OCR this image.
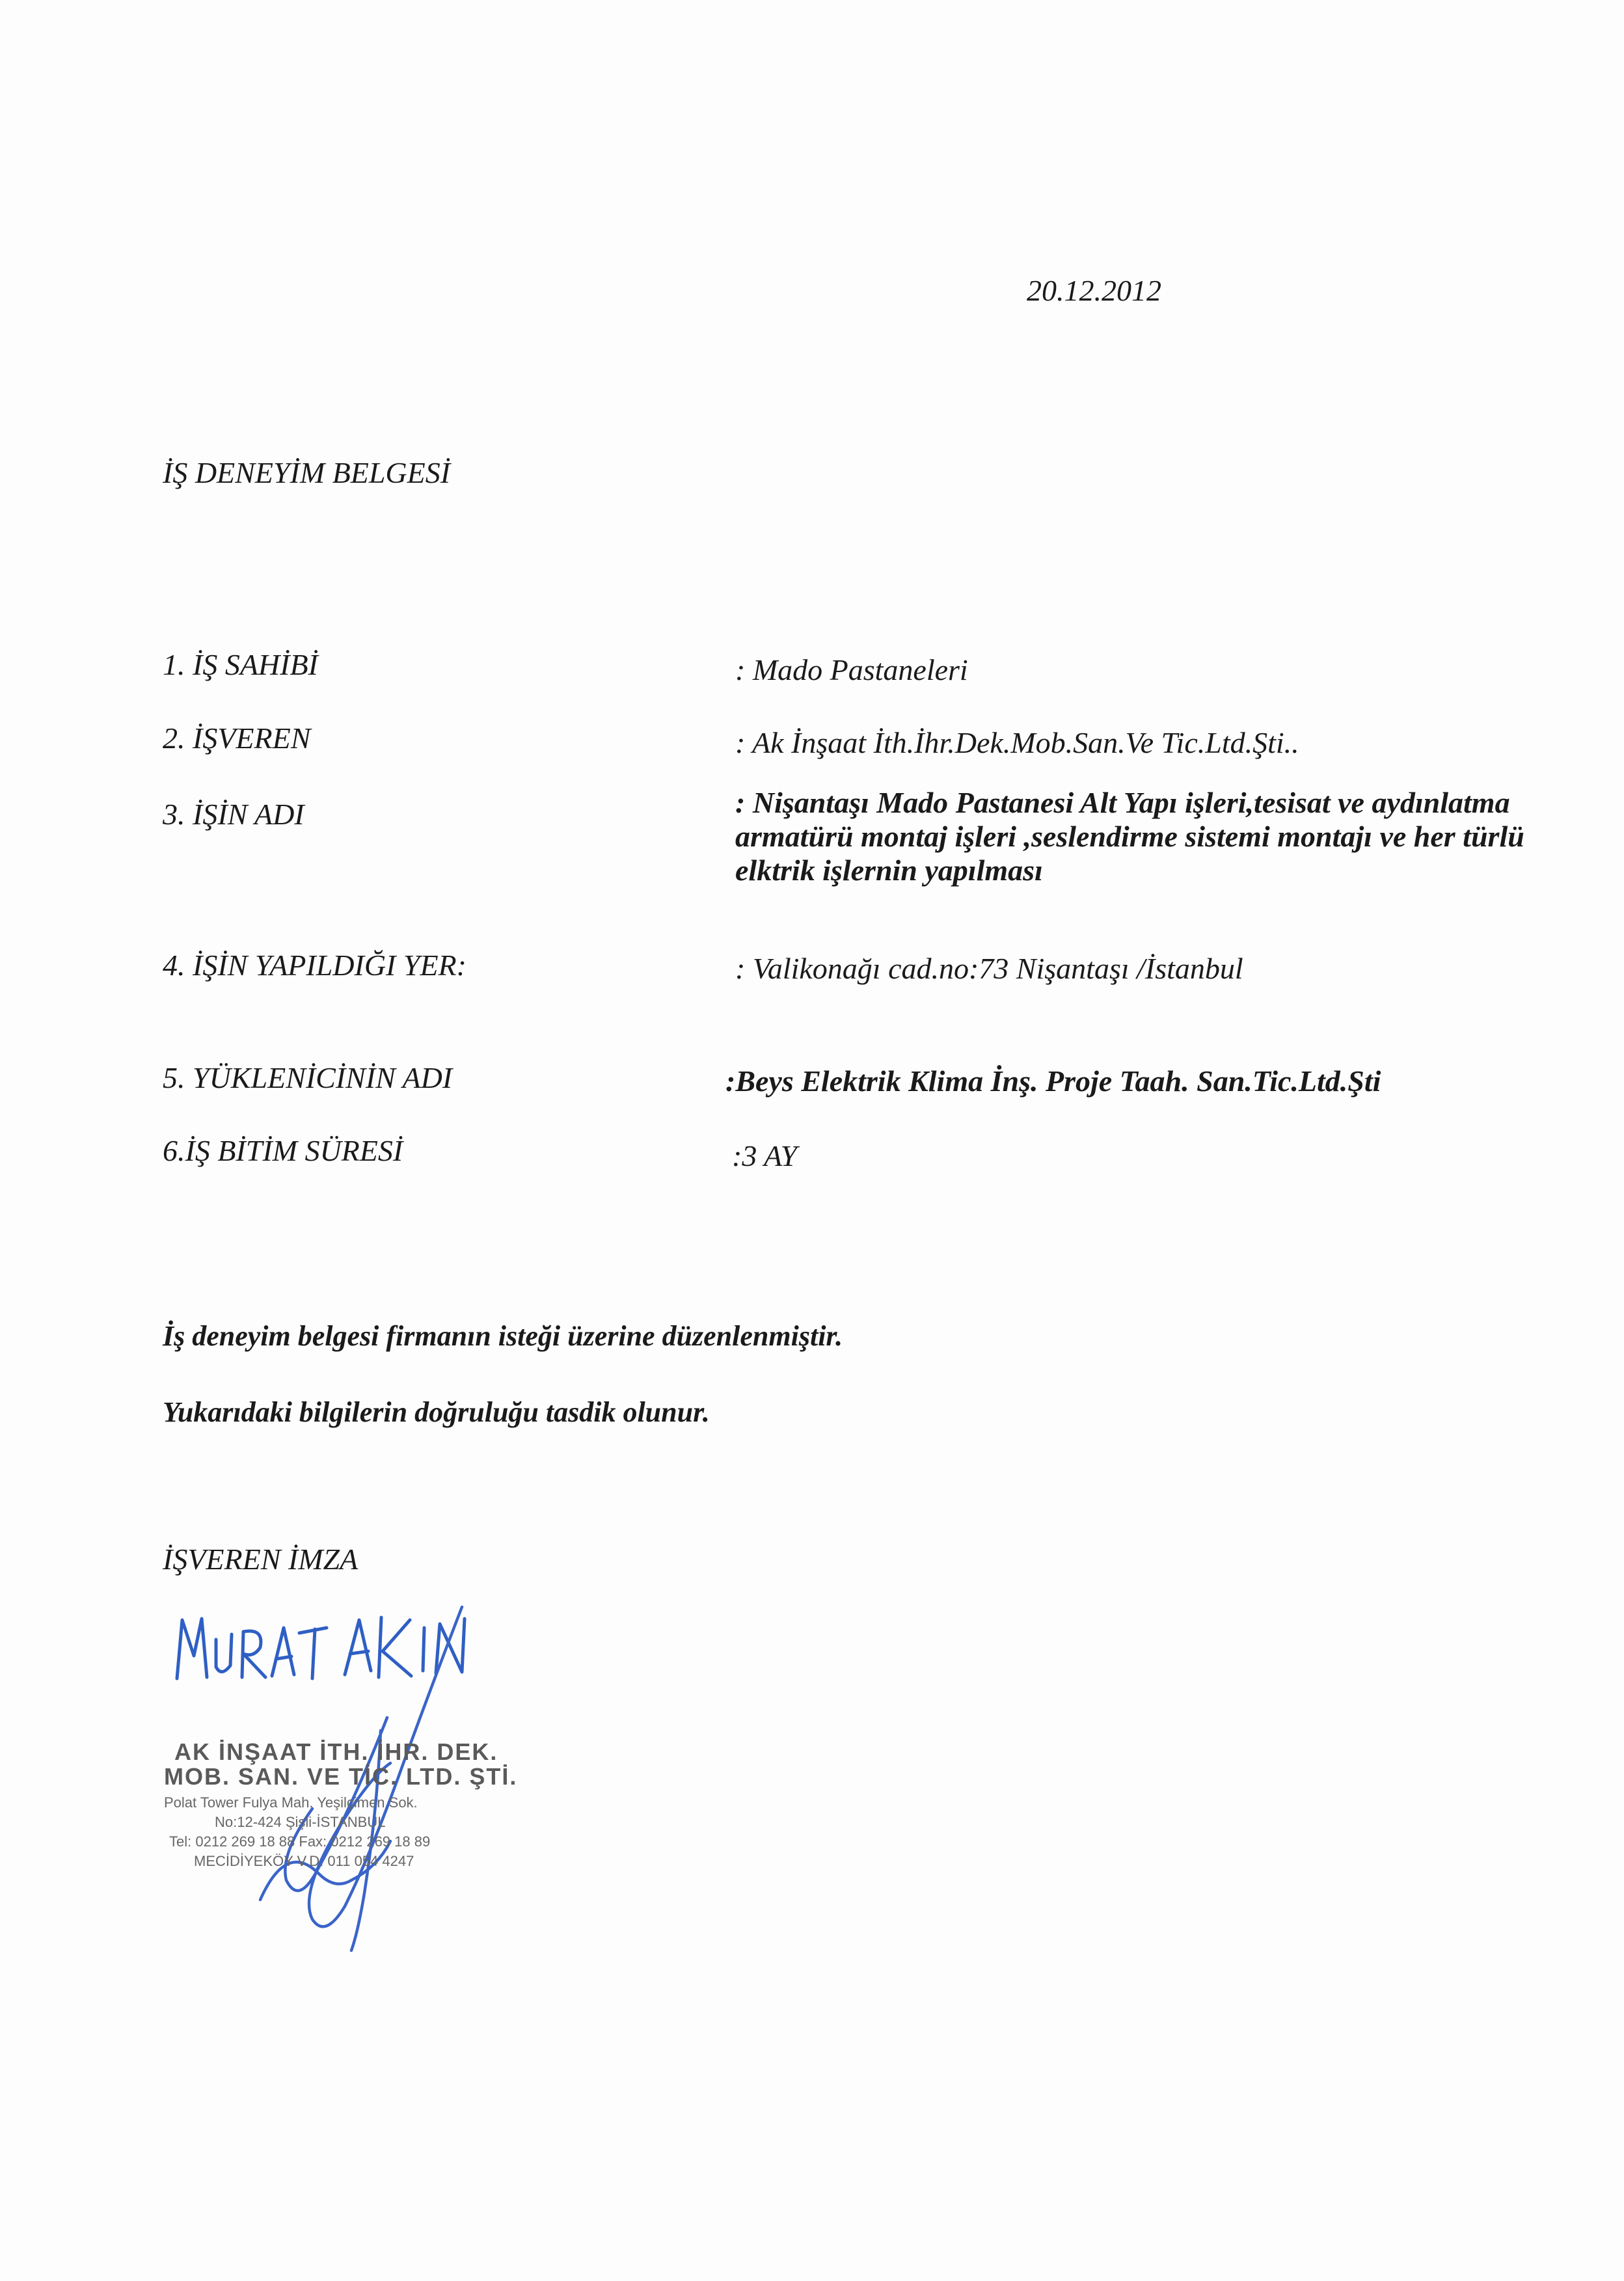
20.12.2012
İŞ DENEYİM BELGESİ
1. İŞ SAHİBİ	: Mado Pastaneleri
2. İŞVEREN	: Ak İnşaat İth.İhr.Dek.Mob.San.Ve Tic.Ltd.Şti..
3. İŞİN ADI	: Nişantaşı Mado Pastanesi Alt Yapı işleri,tesisat ve aydınlatma armatürü montaj işleri ,seslendirme sistemi montajı ve her türlü elktrik işlernin yapılması
4. İŞİN YAPILDIĞI YER:	: Valikonağı cad.no:73 Nişantaşı /İstanbul
5. YÜKLENİCİNİN ADI	:Beys Elektrik Klima İnş. Proje Taah. San.Tic.Ltd.Şti
6.İŞ BİTİM SÜRESİ	:3 AY
İş deneyim belgesi firmanın isteği üzerine düzenlenmiştir.
Yukarıdaki bilgilerin doğruluğu tasdik olunur.
İŞVEREN İMZA
AK İNŞAAT İTH. İHR. DEK.
MOB. SAN. VE TİC. LTD. ŞTİ.
Polat Tower Fulya Mah. Yeşilçimen Sok.
No:12-424 Şişli-İSTANBUL
Tel: 0212 269 18 88 Fax: 0212 269 18 89
MECİDİYEKÖY V.D. 011 054 4247
